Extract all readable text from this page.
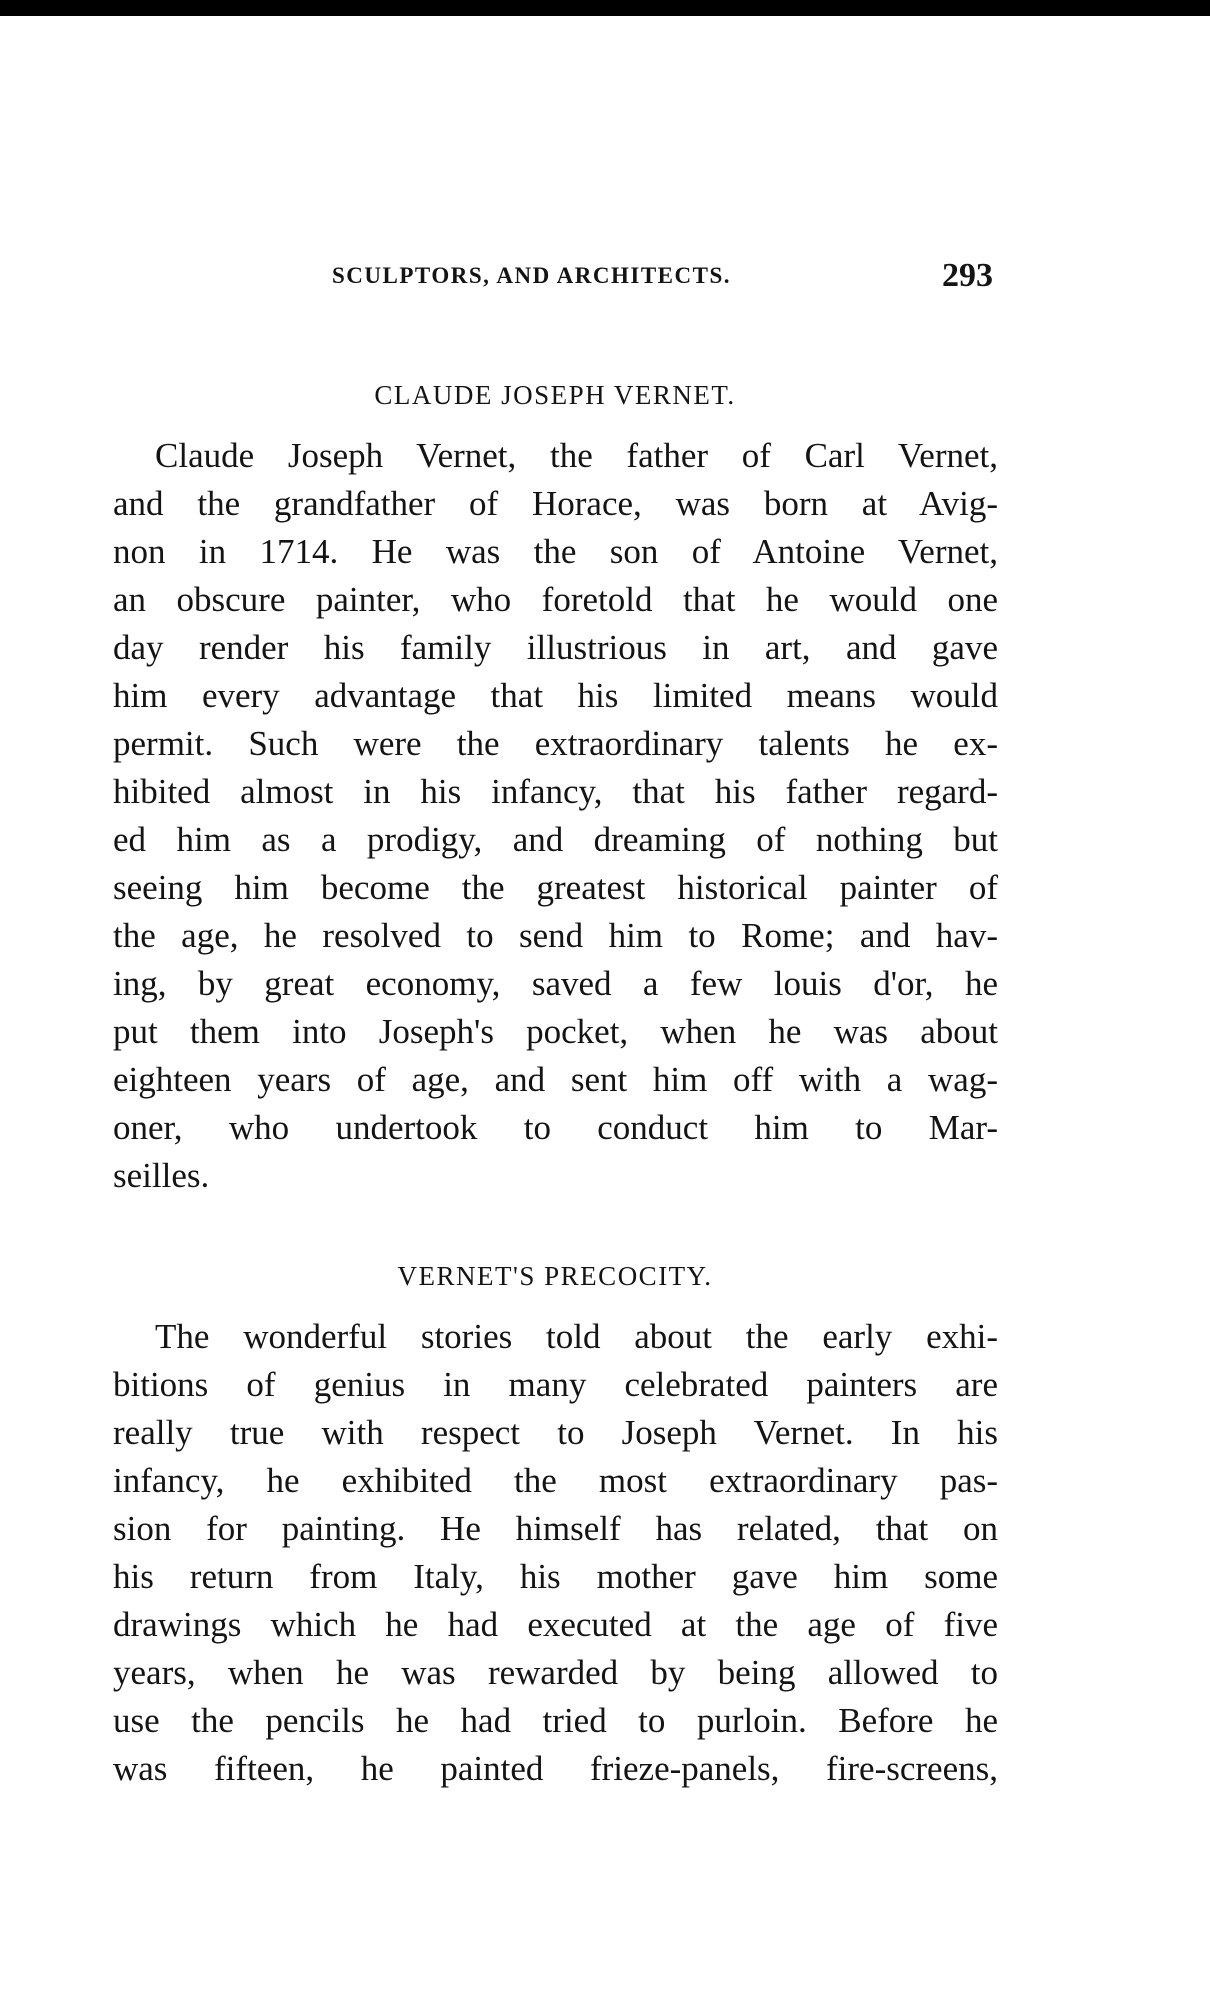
SCULPTORS, AND ARCHITECTS.	293
CLAUDE JOSEPH VERNET.
Claude Joseph Vernet, the father of Carl Vernet,
and the grandfather of Horace, was born at Avig-
non in 1714. He was the son of Antoine Vernet,
an obscure painter, who foretold that he would one
day render his family illustrious in art, and gave
him every advantage that his limited means would
permit. Such were the extraordinary talents he ex-
hibited almost in his infancy, that his father regard-
ed him as a prodigy, and dreaming of nothing but
seeing him become the greatest historical painter of
the age, he resolved to send him to Rome; and hav-
ing, by great economy, saved a few louis d'or, he
put them into Joseph's pocket, when he was about
eighteen years of age, and sent him off with a wag-
oner, who undertook to conduct him to Mar-
seilles.
VERNET'S PRECOCITY.
The wonderful stories told about the early exhi-
bitions of genius in many celebrated painters are
really true with respect to Joseph Vernet. In his
infancy, he exhibited the most extraordinary pas-
sion for painting. He himself has related, that on
his return from Italy, his mother gave him some
drawings which he had executed at the age of five
years, when he was rewarded by being allowed to
use the pencils he had tried to purloin. Before he
was fifteen, he painted frieze-panels, fire-screens,
